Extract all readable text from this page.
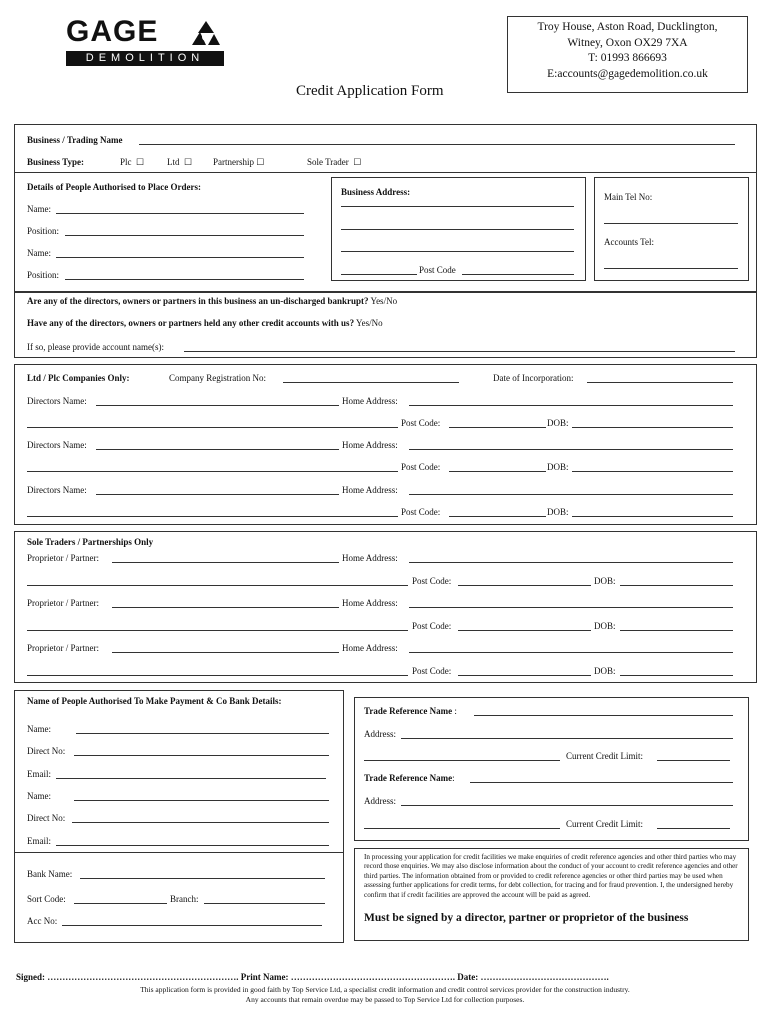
GAGE
DEMOLITION
Troy House, Aston Road, Ducklington,
Witney, Oxon OX29 7XA
T: 01993 866693
E:accounts@gagedemolition.co.uk
Credit Application Form
Business / Trading Name
Business Type:	Plc  ☐	Ltd  ☐ Partnership ☐	Sole Trader  ☐
Details of People Authorised to Place Orders:
Name:
Position:
Name:
Position:
Business Address:
Post Code
Main Tel No:
Accounts Tel:
Are any of the directors, owners or partners in this business an un-discharged bankrupt? Yes/No
Have any of the directors, owners or partners held any other credit accounts with us? Yes/No
If so, please provide account name(s):
Ltd / Plc Companies Only:	Company Registration No:	Date of Incorporation:
Directors Name:	Home Address:
Post Code:	DOB:
Directors Name:	Home Address:
Post Code:	DOB:
Directors Name:	Home Address:
Post Code:	DOB:
Sole Traders / Partnerships Only
Proprietor / Partner:	Home Address:
Post Code:	DOB:
Proprietor / Partner:	Home Address:
Post Code:	DOB:
Proprietor / Partner:	Home Address:
Post Code:	DOB:
Name of People Authorised To Make Payment & Co Bank Details:
Name:
Direct No:
Email:
Name:
Direct No:
Email:
Bank Name:
Sort Code:	Branch:
Acc No:
Trade Reference Name :
Address:
Current Credit Limit:
Trade Reference Name:
Address:
Current Credit Limit:
In processing your application for credit facilities we make enquiries of credit reference agencies and other third parties who may record those enquiries. We may also disclose information about the conduct of your account to credit reference agencies and other third parties. The information obtained from or provided to credit reference agencies or other third parties may be used when assessing further applications for credit terms, for debt collection, for tracing and for fraud prevention. I, the undersigned hereby confirm that if credit facilities are approved the account will be paid as agreed.
Must be signed by a director, partner or proprietor of the business
Signed: ………………………………………………………. Print Name: ………………………………………………. Date: …………………………………….
This application form is provided in good faith by Top Service Ltd, a specialist credit information and credit control services provider for the construction industry.
Any accounts that remain overdue may be passed to Top Service Ltd for collection purposes.
